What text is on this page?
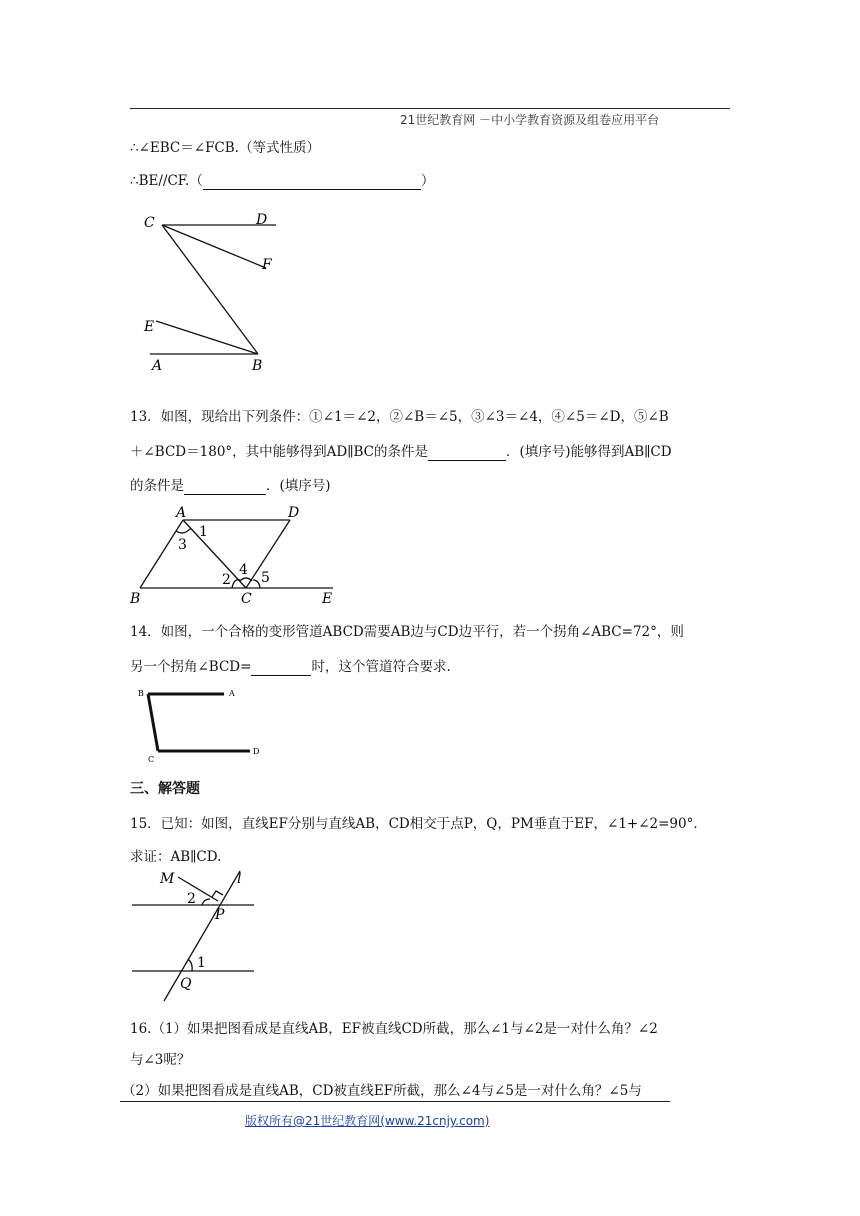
21世纪教育网 －中小学教育资源及组卷应用平台
∴∠EBC＝∠FCB.（等式性质）
∴BE//CF.（	）
C	D
F
E
A	B
13．如图，现给出下列条件：①∠1＝∠2，②∠B＝∠5，③∠3＝∠4，④∠5＝∠D，⑤∠B
＋∠BCD＝180°，其中能够得到AD∥BC的条件是	．(填序号)能够得到AB∥CD
的条件是	．(填序号)
A	D
B	C	E
1
2
3
4 5
14．如图，一个合格的变形管道ABCD需要AB边与CD边平行，若一个拐角∠ABC=72°，则
另一个拐角∠BCD=	时，这个管道符合要求.
B	A
C
D
三、解答题
15．已知：如图，直线EF分别与直线AB，CD相交于点P，Q，PM垂直于EF，∠1+∠2=90°．
求证：AB∥CD.
M	l
2
P
1
Q
16.（1）如果把图看成是直线AB，EF被直线CD所截，那么∠1与∠2是一对什么角？∠2
与∠3呢？
（2）如果把图看成是直线AB，CD被直线EF所截，那么∠4与∠5是一对什么角？∠5与
版权所有@21世纪教育网(www.21cnjy.com)
